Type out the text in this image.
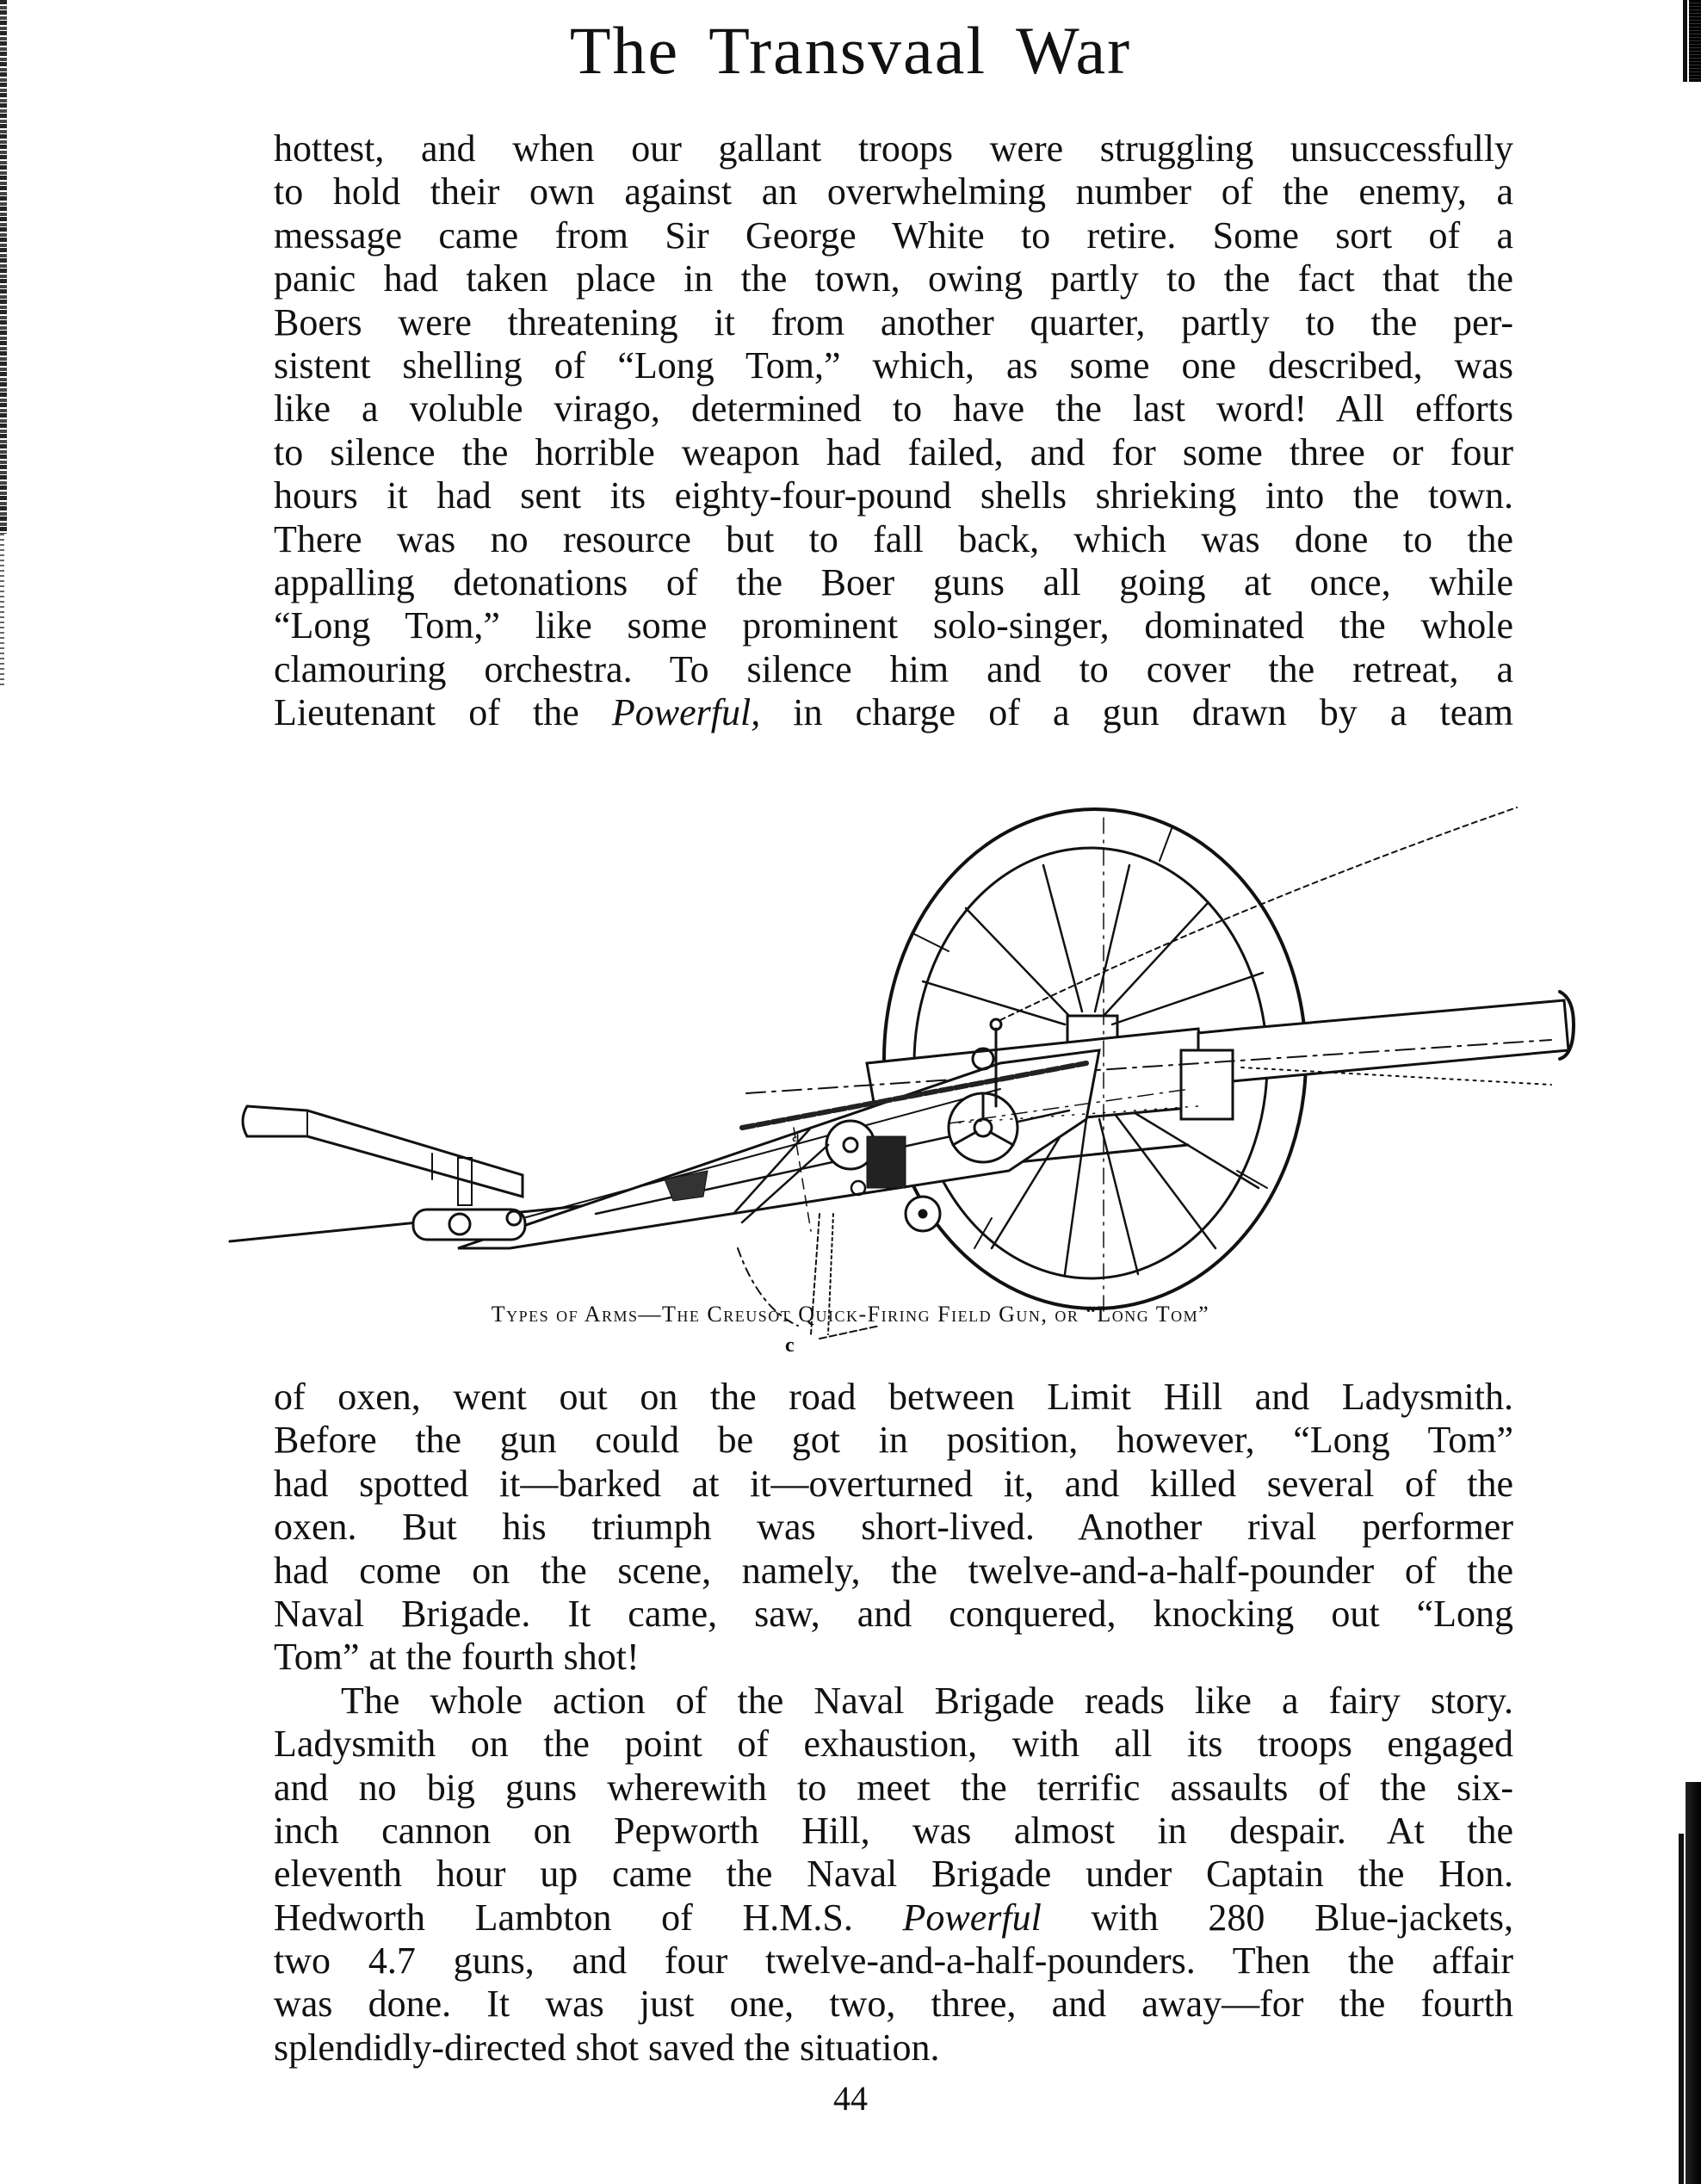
The Transvaal War
hottest, and when our gallant troops were struggling unsuccessfully
to hold their own against an overwhelming number of the enemy, a
message came from Sir George White to retire. Some sort of a
panic had taken place in the town, owing partly to the fact that the
Boers were threatening it from another quarter, partly to the per-
sistent shelling of “Long Tom,” which, as some one described, was
like a voluble virago, determined to have the last word! All efforts
to silence the horrible weapon had failed, and for some three or four
hours it had sent its eighty-four-pound shells shrieking into the town.
There was no resource but to fall back, which was done to the
appalling detonations of the Boer guns all going at once, while
“Long Tom,” like some prominent solo-singer, dominated the whole
clamouring orchestra. To silence him and to cover the retreat, a
Lieutenant of the Powerful, in charge of a gun drawn by a team
a
c
Types of Arms—The Creusot Quick-Firing Field Gun, or “Long Tom”
of oxen, went out on the road between Limit Hill and Ladysmith.
Before the gun could be got in position, however, “Long Tom”
had spotted it—barked at it—overturned it, and killed several of the
oxen. But his triumph was short-lived. Another rival performer
had come on the scene, namely, the twelve-and-a-half-pounder of the
Naval Brigade. It came, saw, and conquered, knocking out “Long
Tom” at the fourth shot!
The whole action of the Naval Brigade reads like a fairy story.
Ladysmith on the point of exhaustion, with all its troops engaged
and no big guns wherewith to meet the terrific assaults of the six-
inch cannon on Pepworth Hill, was almost in despair. At the
eleventh hour up came the Naval Brigade under Captain the Hon.
Hedworth Lambton of H.M.S. Powerful with 280 Blue-jackets,
two 4.7 guns, and four twelve-and-a-half-pounders. Then the affair
was done. It was just one, two, three, and away—for the fourth
splendidly-directed shot saved the situation.
44
